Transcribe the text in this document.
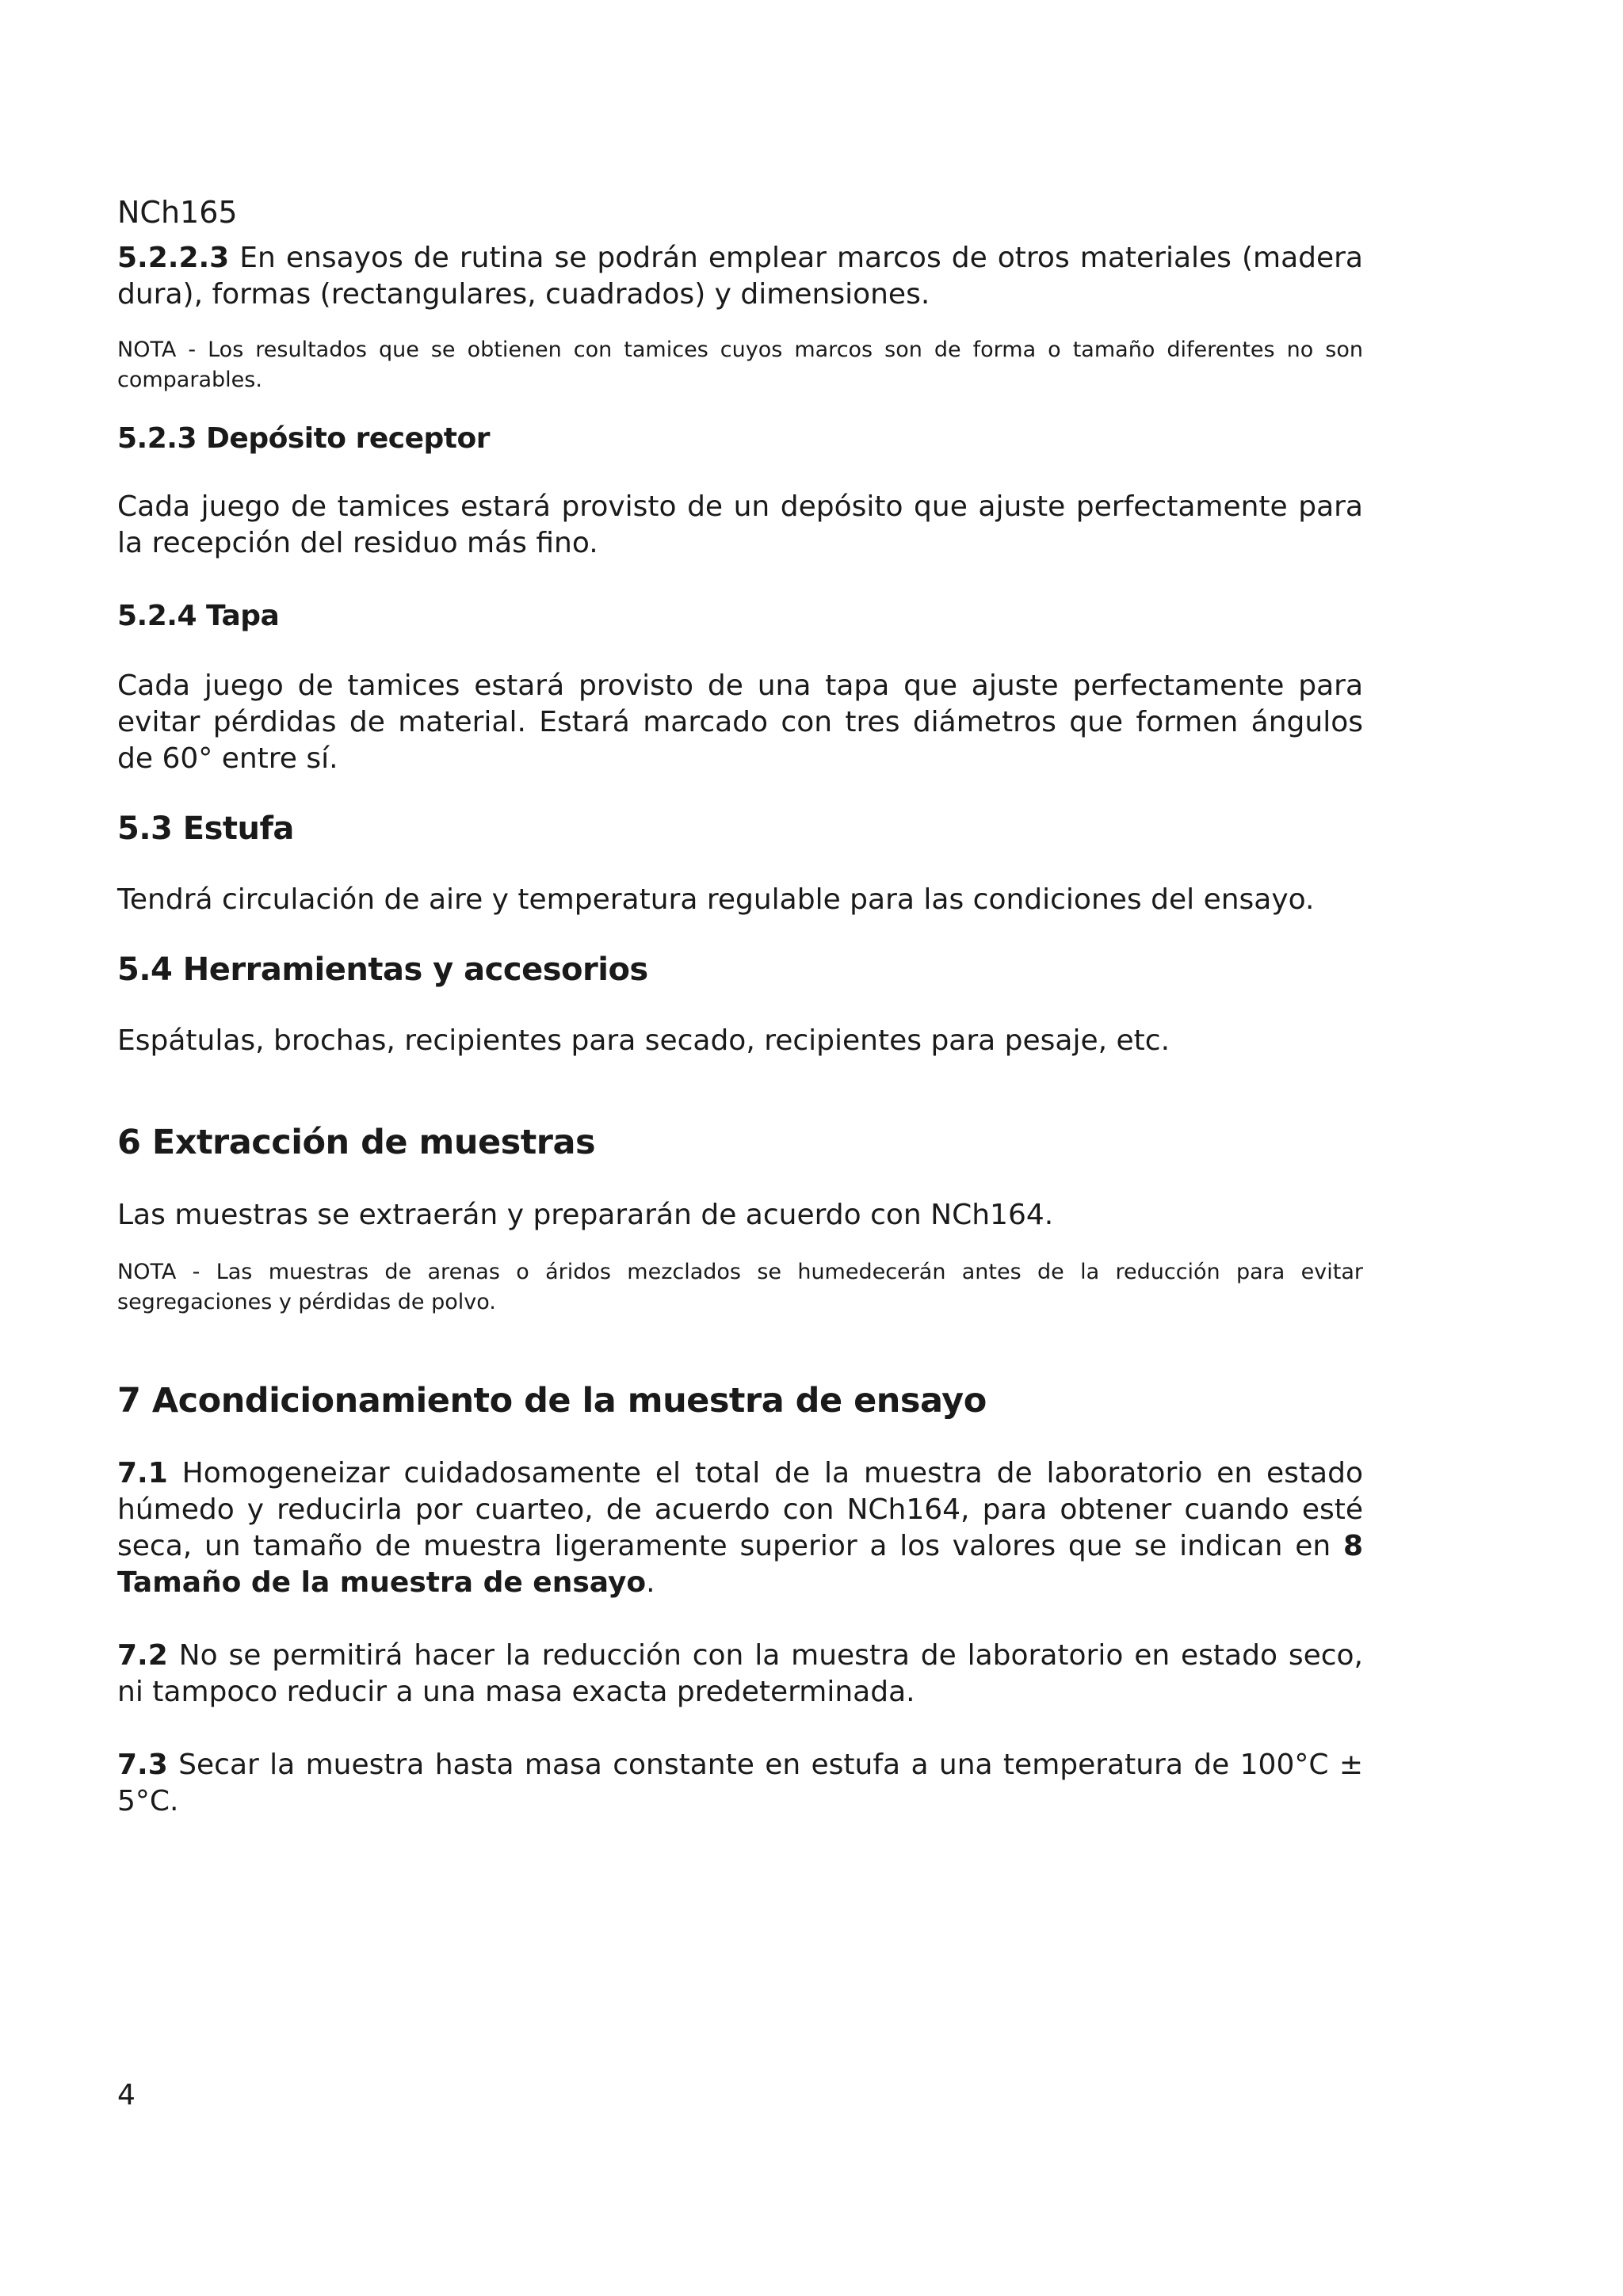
NCh165

5.2.2.3 En ensayos de rutina se podrán emplear marcos de otros materiales (madera dura), formas (rectangulares, cuadrados) y dimensiones.

NOTA - Los resultados que se obtienen con tamices cuyos marcos son de forma o tamaño diferentes no son comparables.

5.2.3 Depósito receptor

Cada juego de tamices estará provisto de un depósito que ajuste perfectamente para la recepción del residuo más fino.

5.2.4 Tapa

Cada juego de tamices estará provisto de una tapa que ajuste perfectamente para evitar pérdidas de material. Estará marcado con tres diámetros que formen ángulos de 60° entre sí.

5.3 Estufa

Tendrá circulación de aire y temperatura regulable para las condiciones del ensayo.

5.4 Herramientas y accesorios

Espátulas, brochas, recipientes para secado, recipientes para pesaje, etc.

6 Extracción de muestras

Las muestras se extraerán y prepararán de acuerdo con NCh164.

NOTA - Las muestras de arenas o áridos mezclados se humedecerán antes de la reducción para evitar segregaciones y pérdidas de polvo.

7 Acondicionamiento de la muestra de ensayo

7.1 Homogeneizar cuidadosamente el total de la muestra de laboratorio en estado húmedo y reducirla por cuarteo, de acuerdo con NCh164, para obtener cuando esté seca, un tamaño de muestra ligeramente superior a los valores que se indican en 8 Tamaño de la muestra de ensayo.

7.2 No se permitirá hacer la reducción con la muestra de laboratorio en estado seco, ni tampoco reducir a una masa exacta predeterminada.

7.3 Secar la muestra hasta masa constante en estufa a una temperatura de 100°C ± 5°C.

4
